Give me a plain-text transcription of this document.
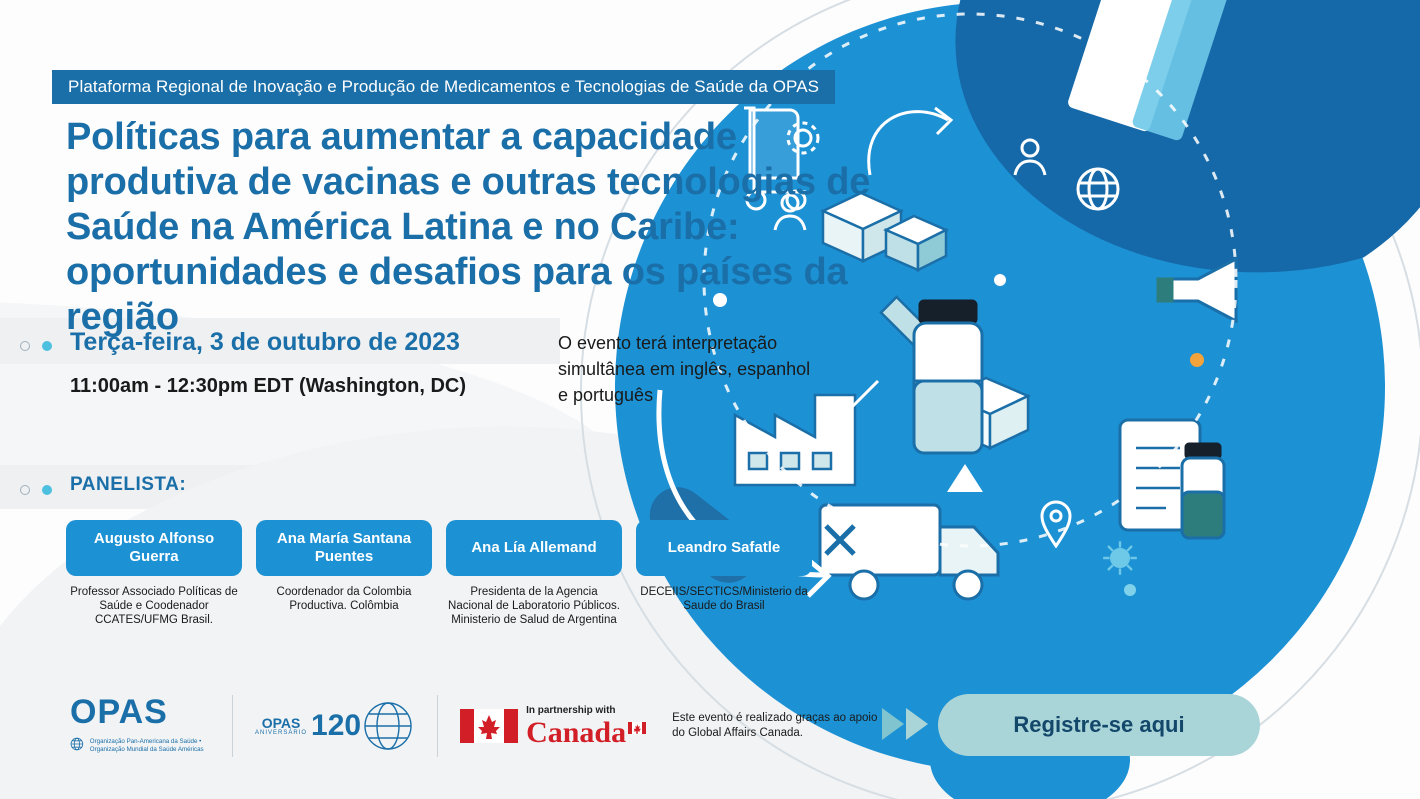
Plataforma Regional de Inovação e Produção de Medicamentos e Tecnologias de Saúde da OPAS
Políticas para aumentar a capacidade produtiva de vacinas e outras tecnologias de Saúde na América Latina e no Caribe: oportunidades e desafios para os países da região
Terça-feira, 3 de outubro de 2023
11:00am - 12:30pm EDT (Washington, DC)
O evento terá interpretação simultânea em inglês, espanhol e português
PANELISTA:
Augusto Alfonso Guerra
Professor Associado Políticas de Saúde e Coodenador CCATES/UFMG Brasil.
Ana María Santana Puentes
Coordenador da Colombia Productiva. Colômbia
Ana Lía Allemand
Presidenta de la Agencia Nacional de Laboratorio Públicos. Ministerio de Salud de Argentina
Leandro Safatle
DECEIIS/SECTICS/Ministerio da Saude do Brasil
OPAS
Organização Pan-Americana da Saúde • Organização Mundial da Saúde Américas
OPAS
ANIVERSÁRIO 120	In partnership with
Canada	Este evento é realizado graças ao apoio do Global Affairs Canada.	Registre-se aqui
